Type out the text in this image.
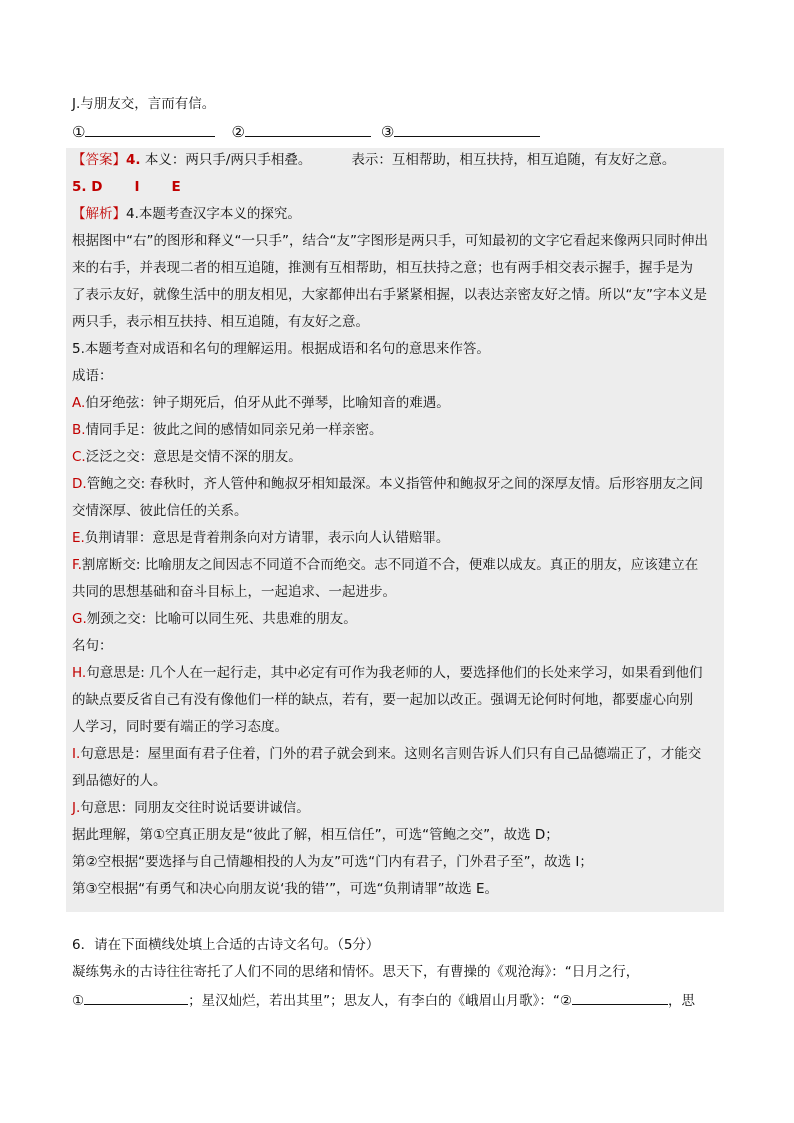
J.与朋友交，言而有信。
①	②	③
【答案】4. 本义：两只手/两只手相叠。	表示：互相帮助，相互扶持，相互追随，有友好之意。
5. D I E
【解析】4.本题考查汉字本义的探究。
根据图中“右”的图形和释义“一只手”，结合“友”字图形是两只手，可知最初的文字它看起来像两只同时伸出
来的右手，并表现二者的相互追随，推测有互相帮助，相互扶持之意；也有两手相交表示握手，握手是为
了表示友好，就像生活中的朋友相见，大家都伸出右手紧紧相握，以表达亲密友好之情。所以“友”字本义是
两只手，表示相互扶持、相互追随，有友好之意。
5.本题考查对成语和名句的理解运用。根据成语和名句的意思来作答。
成语：
A.伯牙绝弦：钟子期死后，伯牙从此不弹琴，比喻知音的难遇。
B.情同手足：彼此之间的感情如同亲兄弟一样亲密。
C.泛泛之交：意思是交情不深的朋友。
D.管鲍之交: 春秋时，齐人管仲和鲍叔牙相知最深。本义指管仲和鲍叔牙之间的深厚友情。后形容朋友之间
交情深厚、彼此信任的关系。
E.负荆请罪：意思是背着荆条向对方请罪，表示向人认错赔罪。
F.割席断交: 比喻朋友之间因志不同道不合而绝交。志不同道不合，便难以成友。真正的朋友，应该建立在
共同的思想基础和奋斗目标上，一起追求、一起进步。
G.刎颈之交：比喻可以同生死、共患难的朋友。
名句：
H.句意思是: 几个人在一起行走，其中必定有可作为我老师的人，要选择他们的长处来学习，如果看到他们
的缺点要反省自己有没有像他们一样的缺点，若有，要一起加以改正。强调无论何时何地，都要虚心向别
人学习，同时要有端正的学习态度。
I.句意思是：屋里面有君子住着，门外的君子就会到来。这则名言则告诉人们只有自己品德端正了，才能交
到品德好的人。
J.句意思：同朋友交往时说话要讲诚信。
据此理解，第①空真正朋友是“彼此了解，相互信任”，可选“管鲍之交”，故选 D；
第②空根据“要选择与自己情趣相投的人为友”可选“门内有君子，门外君子至”，故选 I；
第③空根据“有勇气和决心向朋友说‘我的错’”，可选“负荆请罪”故选 E。
6．请在下面横线处填上合适的古诗文名句。（5分）
凝练隽永的古诗往往寄托了人们不同的思绪和情怀。思天下，有曹操的《观沧海》：“日月之行，
①	；星汉灿烂，若出其里”；思友人，有李白的《峨眉山月歌》：“②	，思
